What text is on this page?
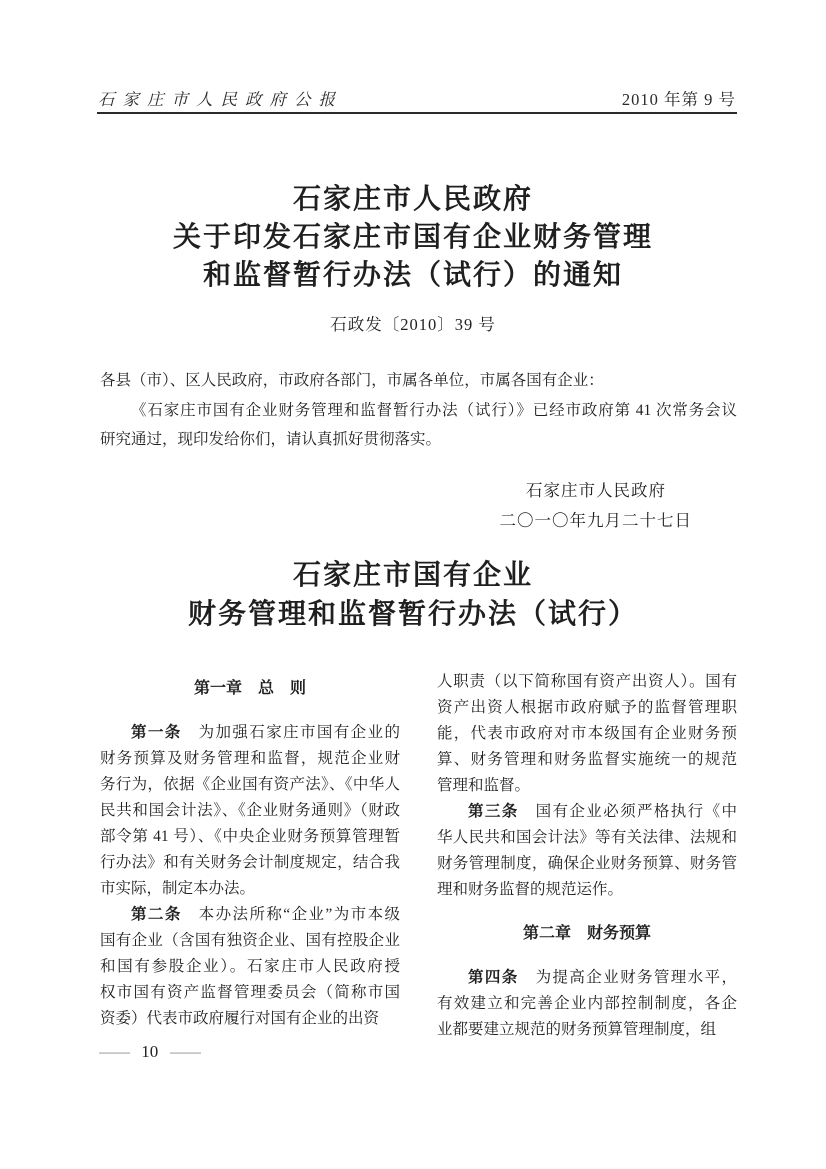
石家庄市人民政府公报	2010 年第 9 号
石家庄市人民政府
关于印发石家庄市国有企业财务管理
和监督暂行办法（试行）的通知
石政发〔2010〕39 号
各县（市）、区人民政府，市政府各部门，市属各单位，市属各国有企业：
《石家庄市国有企业财务管理和监督暂行办法（试行）》已经市政府第 41 次常务会议
研究通过，现印发给你们，请认真抓好贯彻落实。
石家庄市人民政府
二〇一〇年九月二十七日
石家庄市国有企业
财务管理和监督暂行办法（试行）
第一章　总　则
第一条　为加强石家庄市国有企业的
财务预算及财务管理和监督，规范企业财
务行为，依据《企业国有资产法》、《中华人
民共和国会计法》、《企业财务通则》（财政
部令第 41 号）、《中央企业财务预算管理暂
行办法》和有关财务会计制度规定，结合我
市实际，制定本办法。
第二条　本办法所称“企业”为市本级
国有企业（含国有独资企业、国有控股企业
和国有参股企业）。石家庄市人民政府授
权市国有资产监督管理委员会（简称市国
资委）代表市政府履行对国有企业的出资
人职责（以下简称国有资产出资人）。国有
资产出资人根据市政府赋予的监督管理职
能，代表市政府对市本级国有企业财务预
算、财务管理和财务监督实施统一的规范
管理和监督。
第三条　国有企业必须严格执行《中
华人民共和国会计法》等有关法律、法规和
财务管理制度，确保企业财务预算、财务管
理和财务监督的规范运作。
第二章　财务预算
第四条　为提高企业财务管理水平，
有效建立和完善企业内部控制制度，各企
业都要建立规范的财务预算管理制度，组
— 10 —
